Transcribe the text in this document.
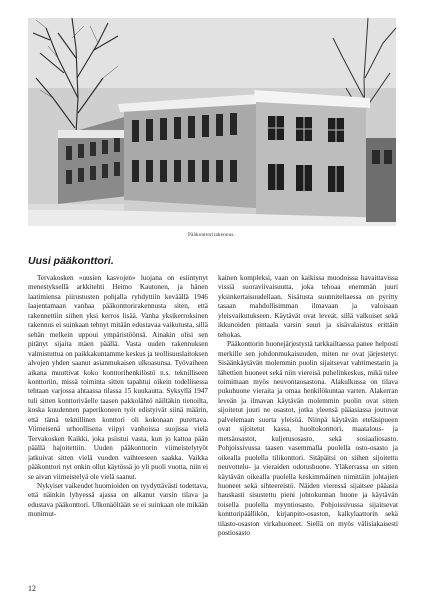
Pääkonttorirakennus.
Uusi pääkonttori.

Tervakosken »uusien kasvojen» luojana on esiintynyt menestyksellä arkkitehti Heimo Kautonen, ja hänen laatimiensa piirustusten pohjalla ryhdyttiin keväällä 1946 laajentamaan vanhaa pääkonttorirakennusta siten, että rakennettiin siihen yksi kerros lisää. Vanha yksikerroksinen rakennus ei suinkaan tehnyt mitään edustavaa vaikutusta, sillä sehän melkein uppoui ympäristöönsä. Ainakin olisi sen pitänyt sijaita mäen päällä. Vasta uuden rakennuksen valmistuttua on paikkakuntamme keskus ja teollisuuslaitoksen alvojen yhden saanut asianmukaisen ulkoasunsa. Työvaiheen aikana muuttivat koko konttorihenkilöstö n.s. teknilliseen konttoriin, missä toiminta sitten tapahtui oikein todellisessa tehtaan varjossa ahtaassa tilassa 15 kuukautta. Syksyllä 1947 tuli sitten konttoriväelle taasen pakkolähtö näiltäkin tienoilta, koska kuudennen paperikoneen työt edistyivät siinä määrin, että tämä teknillinen konttori oli kokonaan purettava. Viimeisenä urhoollisena viipyi vanhoissa suojissa vielä Tervakosken Kaikki, joka psiistui vasta, kun jo kattoa pään päällä hajoitettiin. Uuden pääkonttorin viimeistelytyöt jatkuivat sitten vielä vuoden vaihteeseen saakka. Vaikka pääkonttori nyt onkin ollut käytössä jo yli puoli vuotta, niin ei se aivan viimeistelyä ole vielä saanut.

Nykyiset vaikeudet huomioiden on tyydyttävästi todettava, että näinkin lyhyessä ajassa on alkanut varsin tilava ja edustava pääkonttori. Ulkonäöltään se ei suinkaan ole mikään monimut-

kainen kompleksi, vaan on kaikissa muodoissa havaittavissa vissiä suoraviivaisuutta, joka tehoaa enemmän juuri yksinkertaisuudellaan. Sisätusta suunniteltaessa on pyritty tasaan mahdollisimman ilmavaan ja valoisaan yleisvaikutukseen. Käytävät ovat leveät, sillä valkoiset sekä ikkunoiden pintaala varsin suuri ja sisävalaistus erittäin tehokas.

Pääkonttorin huonejärjestystä tarkkailtaessa panee helposti merkille sen johdonmukaisuuden, miten ne ovat järjestetyt. Sisäänkäytävän molemmin puolin sijaitsevat vahtimestarin ja lähettien huoneet sekä niin viereisä puhelinkeskus, mikä tulee toimimaan myös neuvontaosastona. Alakulkussa on tilava pukuhuone vieraita ja omaa henkilökuntaa varten. Alakerran leveän ja ilmavan käytävän molemmin puolin ovat sitten sijoitetut juuri ne osastot, jotka yleensä pääasiassa joutuvat palvelemaan suurta yleisöä. Niinpä käytävän eteläsipueen ovat sijoitetut kassa, huoltokonttori, maatalous- ja metsäosastot, kuljetusosasto, sekä sosiaaliosasto. Pohjoissivussa taasen vasemmalla puolella osto-osasto ja oikealla puolella tilikonttori. Sitäpäitsi on siihen sijoitettu neuvottelu- ja vieraiden odotushuone. Yläkerrassa on sitten käytävän oikealla puolella keskimmäinen nimittäin johtajien huoneet sekä sihteereistö. Näiden vieressä sijaitsee pääasia hauskasti sisustettu pieni johtokunnan huone ja käytävän toisella puolella myyntiosasto. Pohjoissivussa sijaitsevat konttoripäällikön, kirjanpito-osaston, kalkylaattorin sekä tilasto-osaston virkahuoneet. Siellä on myös välisiakaisesti postiosasto

12
